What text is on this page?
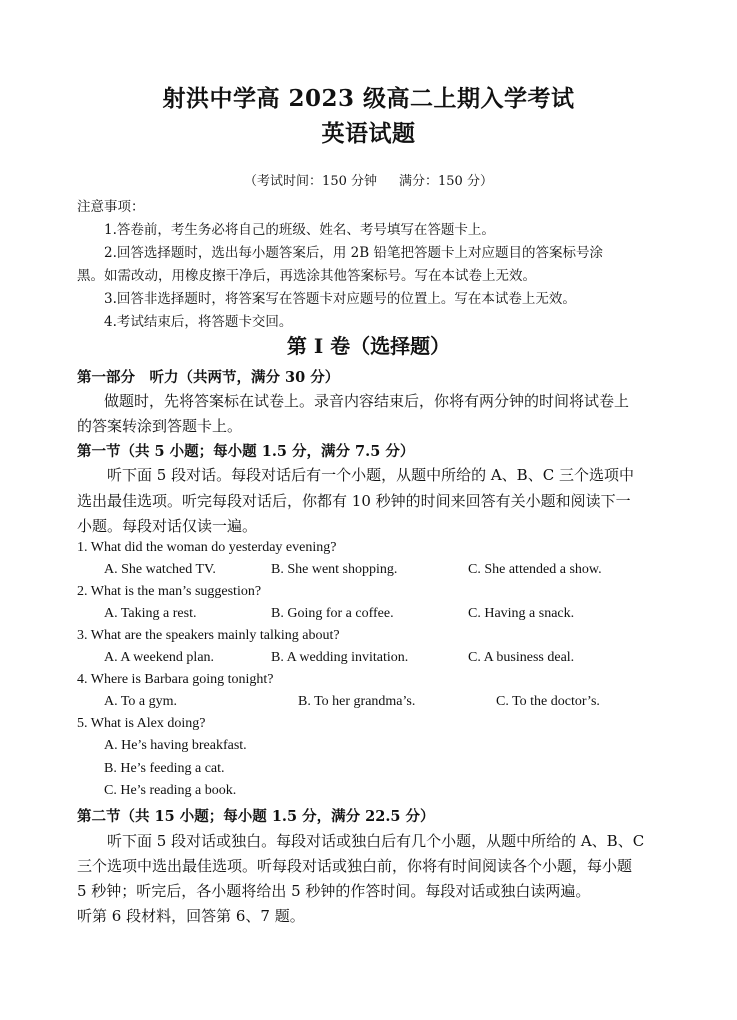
射洪中学高 2023 级高二上期入学考试
英语试题
（考试时间：150 分钟 满分：150 分）
注意事项：
1.答卷前，考生务必将自己的班级、姓名、考号填写在答题卡上。
2.回答选择题时，选出每小题答案后，用 2B 铅笔把答题卡上对应题目的答案标号涂
黑。如需改动，用橡皮擦干净后，再选涂其他答案标号。写在本试卷上无效。
3.回答非选择题时，将答案写在答题卡对应题号的位置上。写在本试卷上无效。
4.考试结束后，将答题卡交回。
第 I 卷（选择题）
第一部分　听力（共两节，满分 30 分）
做题时，先将答案标在试卷上。录音内容结束后，你将有两分钟的时间将试卷上
的答案转涂到答题卡上。
第一节（共 5 小题；每小题 1.5 分，满分 7.5 分）
听下面 5 段对话。每段对话后有一个小题，从题中所给的 A、B、C 三个选项中
选出最佳选项。听完每段对话后，你都有 10 秒钟的时间来回答有关小题和阅读下一
小题。每段对话仅读一遍。
1. What did the woman do yesterday evening?
A. She watched TV.	B. She went shopping.	C. She attended a show.
2. What is the man’s suggestion?
A. Taking a rest.	B. Going for a coffee.	C. Having a snack.
3. What are the speakers mainly talking about?
A. A weekend plan.	B. A wedding invitation.	C. A business deal.
4. Where is Barbara going tonight?
A. To a gym.	B. To her grandma’s.	C. To the doctor’s.
5. What is Alex doing?
A. He’s having breakfast.
B. He’s feeding a cat.
C. He’s reading a book.
第二节（共 15 小题；每小题 1.5 分，满分 22.5 分）
听下面 5 段对话或独白。每段对话或独白后有几个小题，从题中所给的 A、B、C
三个选项中选出最佳选项。听每段对话或独白前，你将有时间阅读各个小题，每小题
5 秒钟；听完后，各小题将给出 5 秒钟的作答时间。每段对话或独白读两遍。
听第 6 段材料，回答第 6、7 题。
